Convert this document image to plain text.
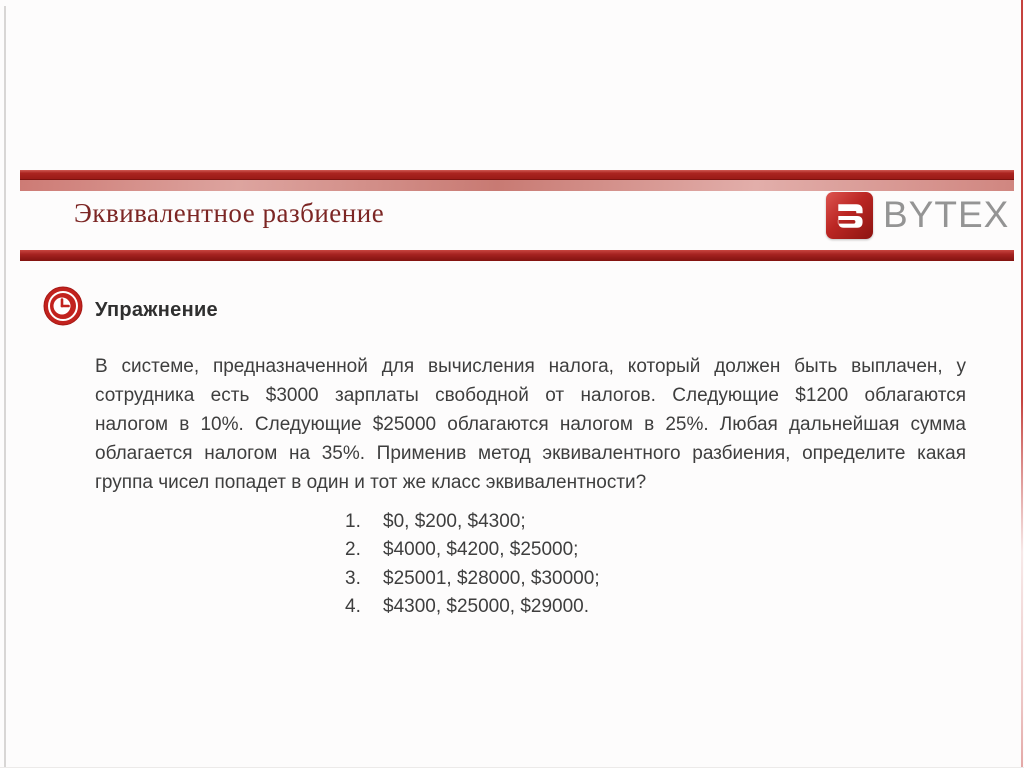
Эквивалентное разбиение	BYTEX
Упражнение
В системе, предназначенной для вычисления налога, который должен быть выплачен, у
сотрудника есть $3000 зарплаты свободной от налогов. Следующие $1200 облагаются
налогом в 10%. Следующие $25000 облагаются налогом в 25%. Любая дальнейшая сумма
облагается налогом на 35%. Применив метод эквивалентного разбиения, определите какая
группа чисел попадет в один и тот же класс эквивалентности?
1.	$0, $200, $4300;
2.	$4000, $4200, $25000;
3.	$25001, $28000, $30000;
4.	$4300, $25000, $29000.
